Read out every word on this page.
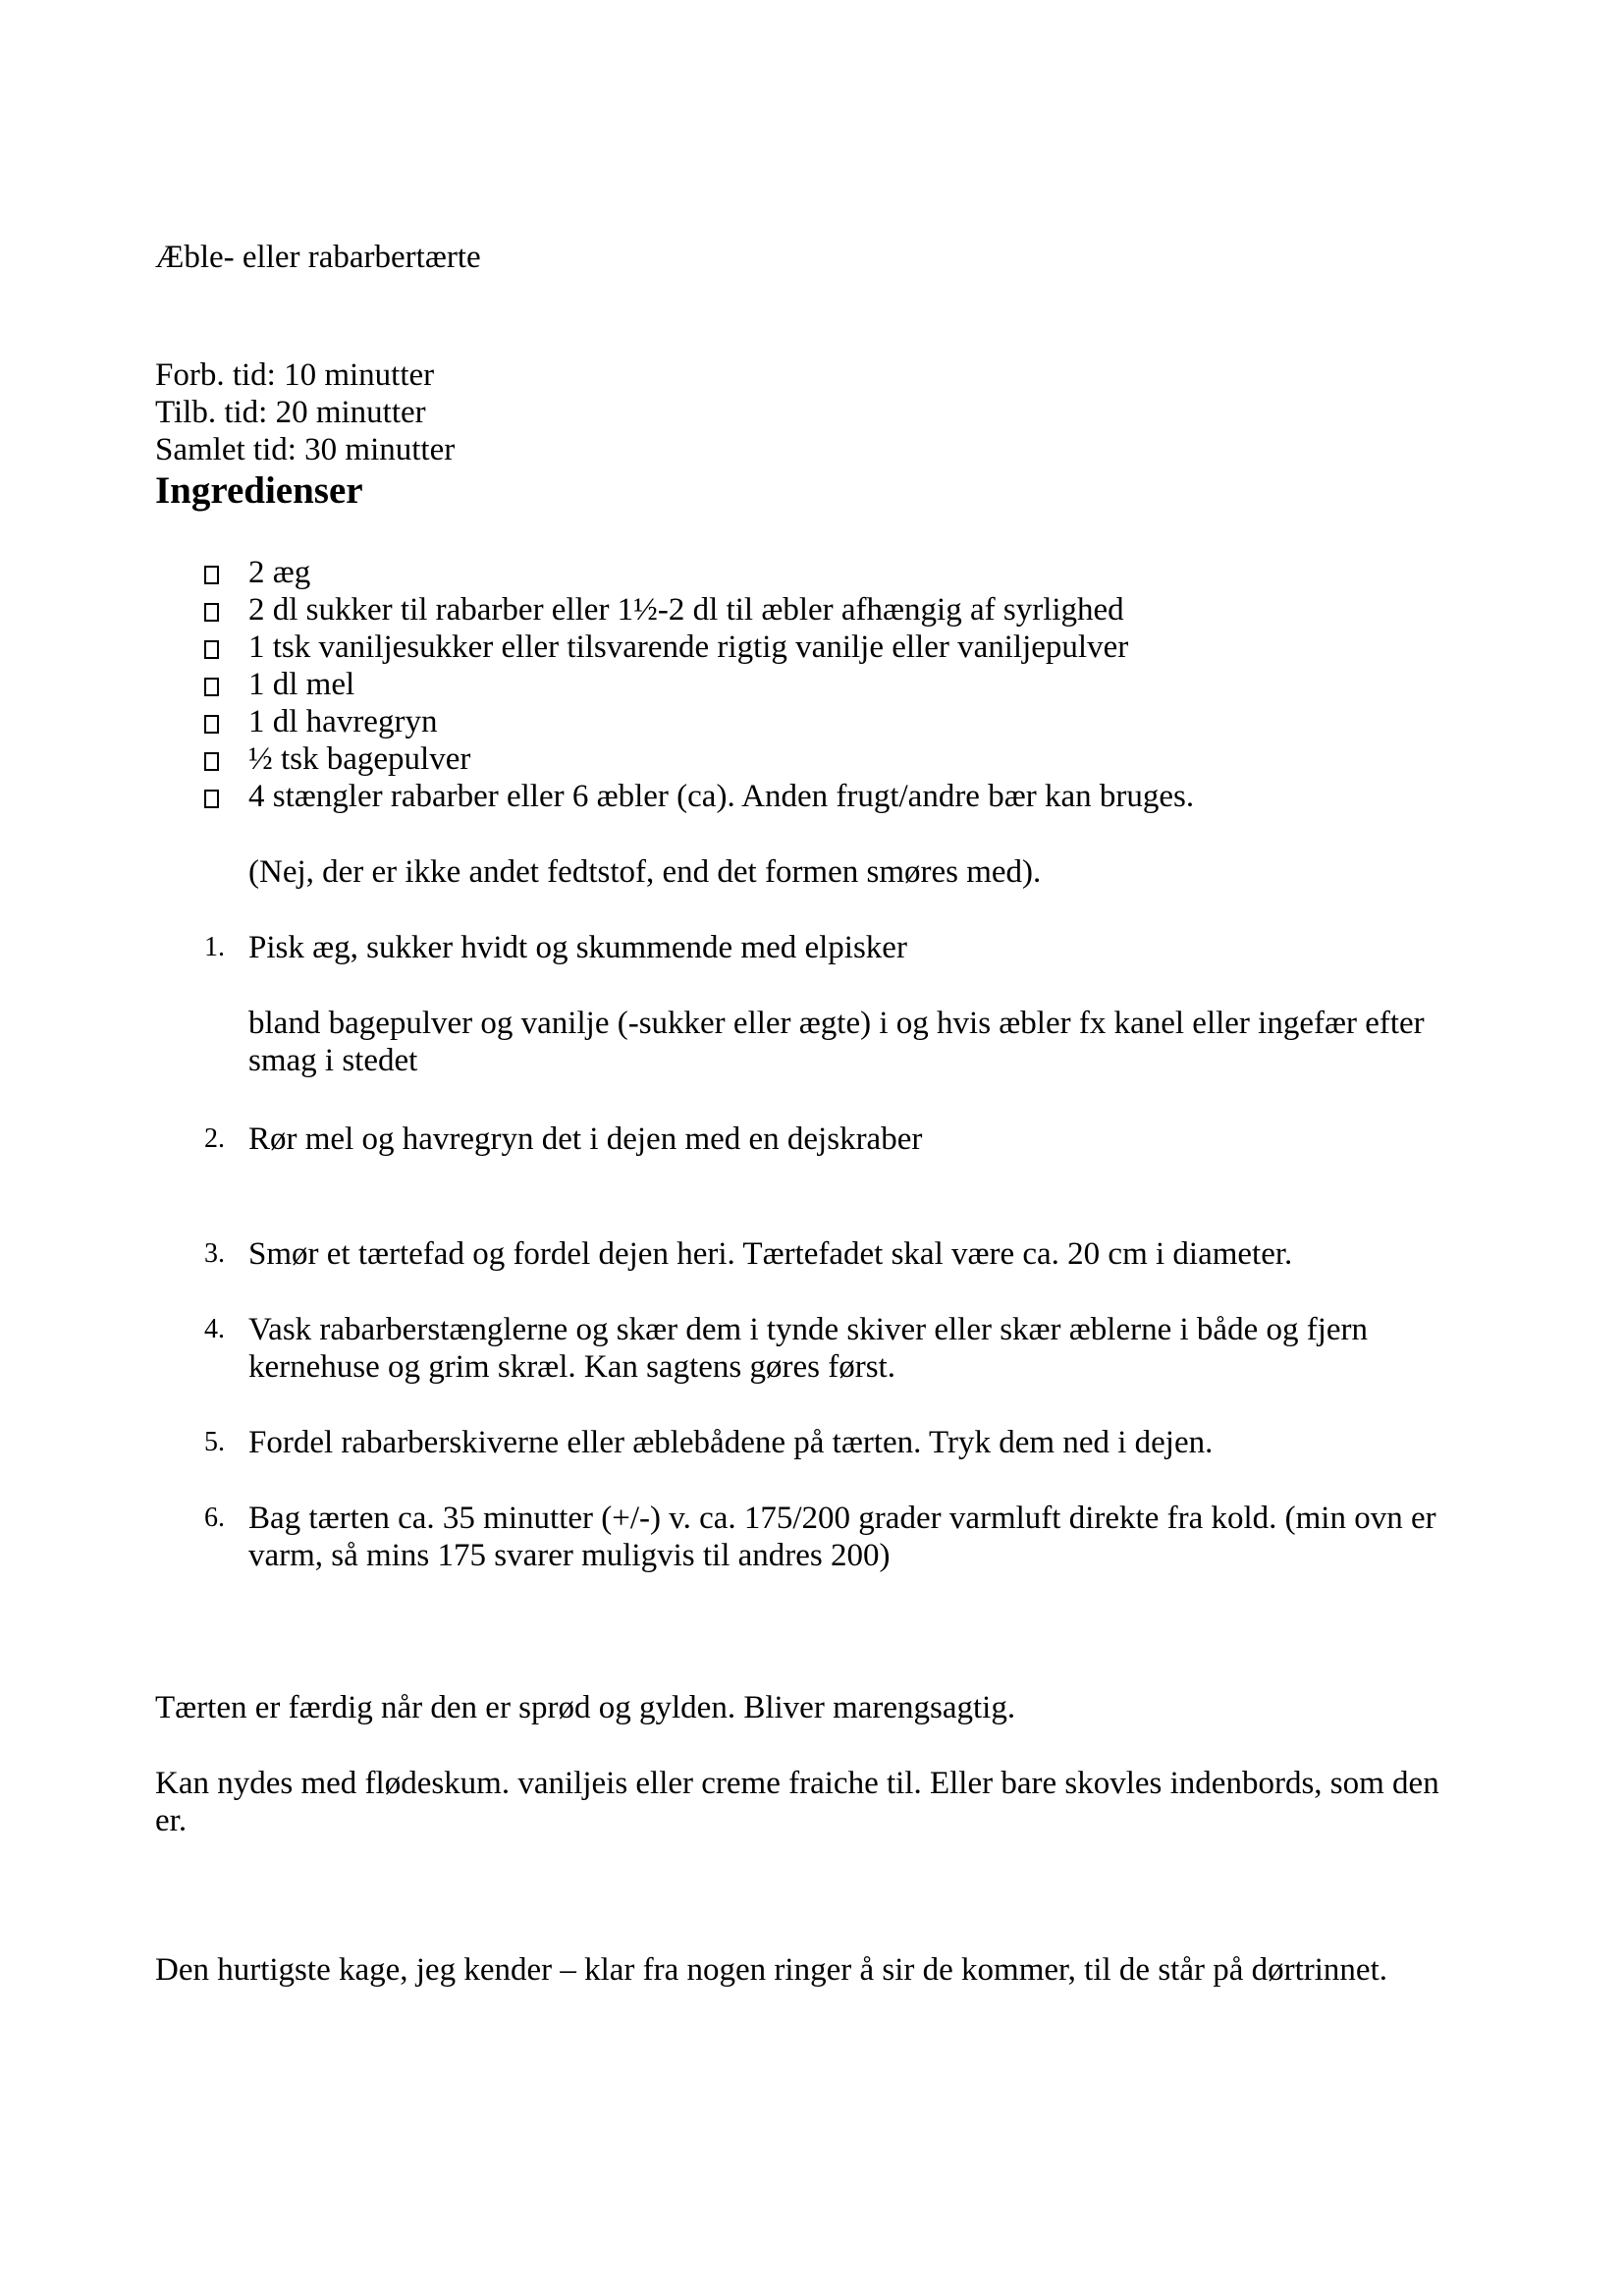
Æble- eller rabarbertærte

Forb. tid: 10 minutter

Tilb. tid: 20 minutter

Samlet tid: 30 minutter

Ingredienser
2 æg
2 dl sukker til rabarber eller 1½-2 dl til æbler afhængig af syrlighed
1 tsk vaniljesukker eller tilsvarende rigtig vanilje eller vaniljepulver
1 dl mel
1 dl havregryn
½ tsk bagepulver
4 stængler rabarber eller 6 æbler (ca). Anden frugt/andre bær kan bruges.

(Nej, der er ikke andet fedtstof, end det formen smøres med).

1. Pisk æg, sukker hvidt og skummende med elpisker

bland bagepulver og vanilje (-sukker eller ægte) i og hvis æbler fx kanel eller ingefær efter smag i stedet

2. Rør mel og havregryn det i dejen med en dejskraber
3. Smør et tærtefad og fordel dejen heri. Tærtefadet skal være ca. 20 cm i diameter.
4. Vask rabarberstænglerne og skær dem i tynde skiver eller skær æblerne i både og fjern kernehuse og grim skræl. Kan sagtens gøres først.
5. Fordel rabarberskiverne eller æblebådene på tærten. Tryk dem ned i dejen.
6. Bag tærten ca. 35 minutter (+/-) v. ca. 175/200 grader varmluft direkte fra kold. (min ovn er varm, så mins 175 svarer muligvis til andres 200)

Tærten er færdig når den er sprød og gylden. Bliver marengsagtig.

Kan nydes med flødeskum. vaniljeis eller creme fraiche til. Eller bare skovles indenbords, som den er.

Den hurtigste kage, jeg kender – klar fra nogen ringer å sir de kommer, til de står på dørtrinnet.
